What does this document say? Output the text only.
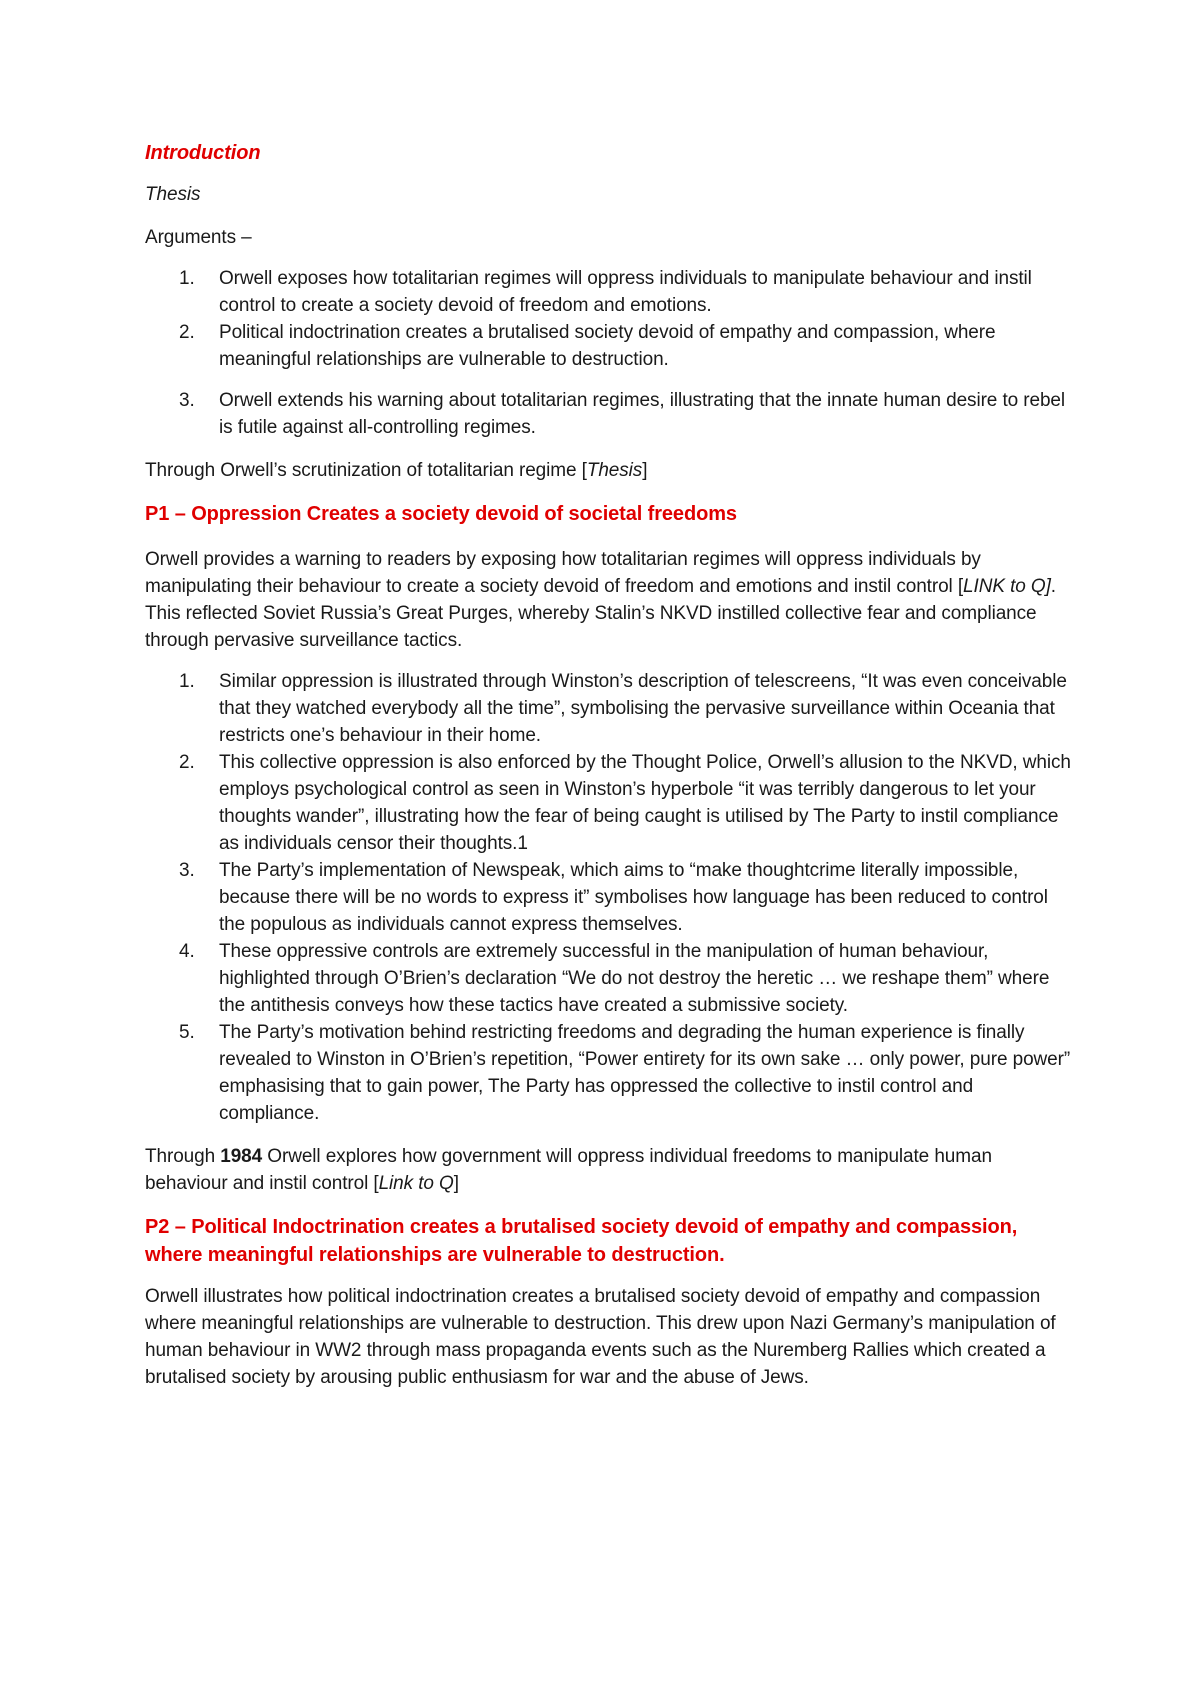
Introduction
Thesis
Arguments –
1. Orwell exposes how totalitarian regimes will oppress individuals to manipulate behaviour and instil control to create a society devoid of freedom and emotions.
2. Political indoctrination creates a brutalised society devoid of empathy and compassion, where meaningful relationships are vulnerable to destruction.
3. Orwell extends his warning about totalitarian regimes, illustrating that the innate human desire to rebel is futile against all-controlling regimes.

Through Orwell’s scrutinization of totalitarian regime [Thesis]

P1 – Oppression Creates a society devoid of societal freedoms

Orwell provides a warning to readers by exposing how totalitarian regimes will oppress individuals by manipulating their behaviour to create a society devoid of freedom and emotions and instil control [LINK to Q]. This reflected Soviet Russia’s Great Purges, whereby Stalin’s NKVD instilled collective fear and compliance through pervasive surveillance tactics.

1. Similar oppression is illustrated through Winston’s description of telescreens, “It was even conceivable that they watched everybody all the time”, symbolising the pervasive surveillance within Oceania that restricts one’s behaviour in their home.
2. This collective oppression is also enforced by the Thought Police, Orwell’s allusion to the NKVD, which employs psychological control as seen in Winston’s hyperbole “it was terribly dangerous to let your thoughts wander”, illustrating how the fear of being caught is utilised by The Party to instil compliance as individuals censor their thoughts.1
3. The Party’s implementation of Newspeak, which aims to “make thoughtcrime literally impossible, because there will be no words to express it” symbolises how language has been reduced to control the populous as individuals cannot express themselves.
4. These oppressive controls are extremely successful in the manipulation of human behaviour, highlighted through O’Brien’s declaration “We do not destroy the heretic … we reshape them” where the antithesis conveys how these tactics have created a submissive society.
5. The Party’s motivation behind restricting freedoms and degrading the human experience is finally revealed to Winston in O’Brien’s repetition, “Power entirety for its own sake … only power, pure power” emphasising that to gain power, The Party has oppressed the collective to instil control and compliance.

Through 1984 Orwell explores how government will oppress individual freedoms to manipulate human behaviour and instil control [Link to Q]

P2 – Political Indoctrination creates a brutalised society devoid of empathy and compassion, where meaningful relationships are vulnerable to destruction.

Orwell illustrates how political indoctrination creates a brutalised society devoid of empathy and compassion where meaningful relationships are vulnerable to destruction. This drew upon Nazi Germany’s manipulation of human behaviour in WW2 through mass propaganda events such as the Nuremberg Rallies which created a brutalised society by arousing public enthusiasm for war and the abuse of Jews.
